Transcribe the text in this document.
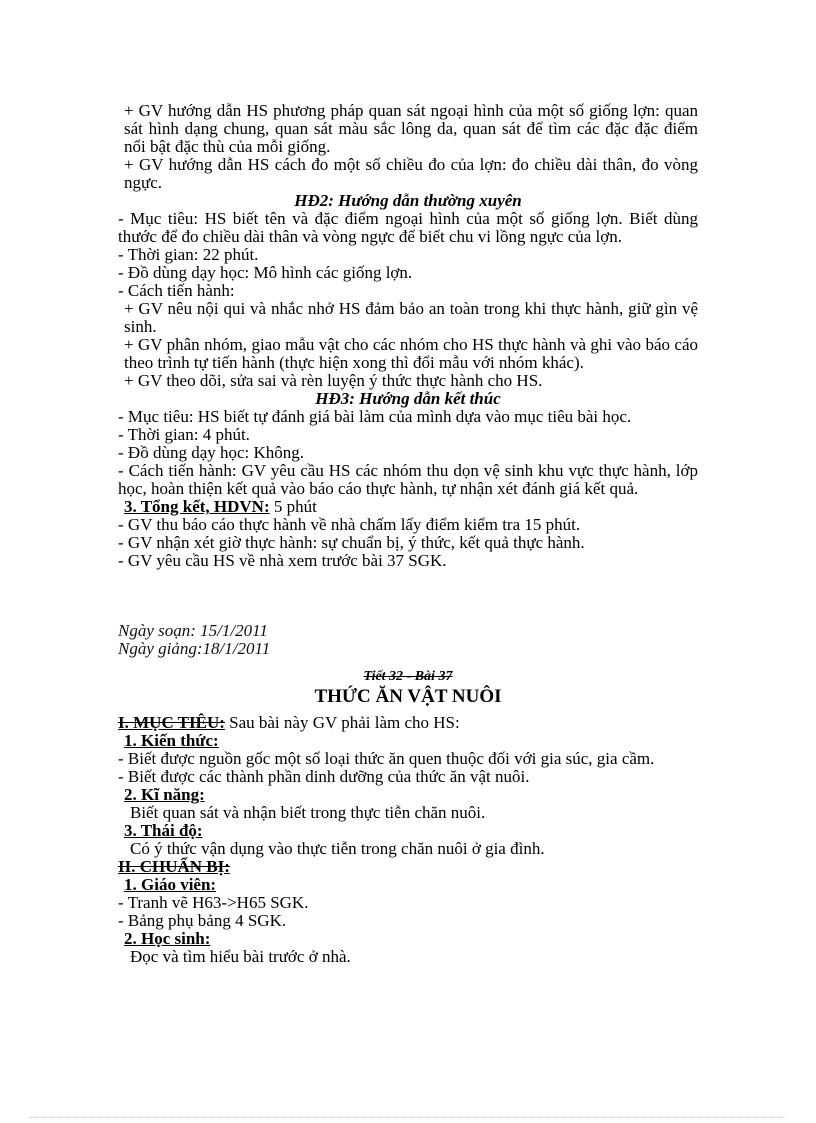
+ GV hướng dẫn HS phương pháp quan sát ngoại hình của một số giống lợn: quan sát hình dạng chung, quan sát màu sắc lông da, quan sát để tìm các đặc đặc điểm nổi bật đặc thù của mỗi giống.

+ GV hướng dẫn HS cách đo một số chiều đo của lợn: đo chiều dài thân, đo vòng ngực.

HĐ2: Hướng dẫn thường xuyên

- Mục tiêu: HS biết tên và đặc điểm ngoại hình của một số giống lợn. Biết dùng thước để đo chiều dài thân và vòng ngực để biết chu vi lồng ngực của lợn.

- Thời gian: 22 phút.

- Đồ dùng dạy học: Mô hình các giống lợn.

- Cách tiến hành:

+ GV nêu nội qui và nhắc nhở HS đảm bảo an toàn trong khi thực hành, giữ gìn vệ sinh.

+ GV phân nhóm, giao mẫu vật cho các nhóm cho HS thực hành và ghi vào báo cáo theo trình tự tiến hành (thực hiện xong thì đổi mẫu với nhóm khác).

+ GV theo dõi, sửa sai và rèn luyện ý thức thực hành cho HS.

HĐ3: Hướng dẫn kết thúc

- Mục tiêu: HS biết tự đánh giá bài làm của mình dựa vào mục tiêu bài học.

- Thời gian: 4 phút.

- Đồ dùng dạy học: Không.

- Cách tiến hành: GV yêu cầu HS các nhóm thu dọn vệ sinh khu vực thực hành, lớp học, hoàn thiện kết quả vào báo cáo thực hành, tự nhận xét đánh giá kết quả.

3. Tổng kết, HDVN: 5 phút

- GV thu báo cáo thực hành về nhà chấm lấy điểm kiểm tra 15 phút.

- GV nhận xét giờ thực hành: sự chuẩn bị, ý thức, kết quả thực hành.

- GV yêu cầu HS về nhà xem trước bài 37 SGK.

Ngày soạn: 15/1/2011

Ngày giảng:18/1/2011

Tiết 32 - Bài 37

THỨC ĂN VẬT NUÔI

I. MỤC TIÊU: Sau bài này GV phải làm cho HS:

1. Kiến thức:

- Biết được nguồn gốc một số loại thức ăn quen thuộc đối với gia súc, gia cầm.

- Biết được các thành phần dinh dưỡng của thức ăn vật nuôi.

2. Kĩ năng:

Biết quan sát và nhận biết trong thực tiễn chăn nuôi.

3. Thái độ:

Có ý thức vận dụng vào thực tiễn trong chăn nuôi ở gia đình.

II. CHUẨN BỊ:

1. Giáo viên:

- Tranh vẽ H63->H65 SGK.

- Bảng phụ bảng 4 SGK.

2. Học sinh:

Đọc và tìm hiểu bài trước ở nhà.
